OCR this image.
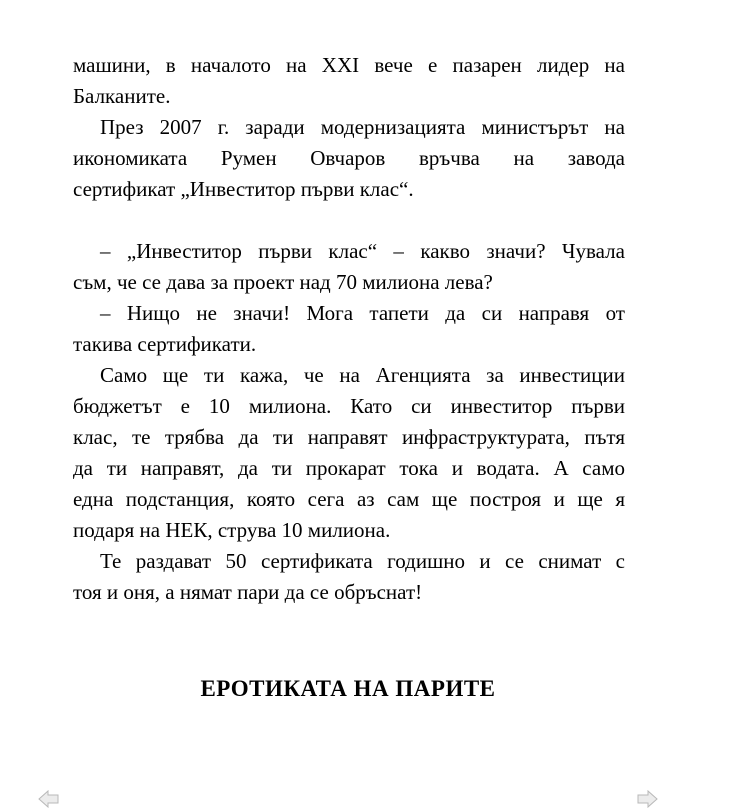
машини, в началото на XXI вече е пазарен лидер на
Балканите.

През 2007 г. заради модернизацията министърът на
икономиката Румен Овчаров връчва на завода
сертификат „Инвеститор първи клас“.

– „Инвеститор първи клас“ – какво значи? Чувала
съм, че се дава за проект над 70 милиона лева?

– Нищо не значи! Мога тапети да си направя от
такива сертификати.

Само ще ти кажа, че на Агенцията за инвестиции
бюджетът е 10 милиона. Като си инвеститор първи
клас, те трябва да ти направят инфраструктурата, пътя
да ти направят, да ти прокарат тока и водата. А само
една подстанция, която сега аз сам ще построя и ще я
подаря на НЕК, струва 10 милиона.

Те раздават 50 сертификата годишно и се снимат с
тоя и оня, а нямат пари да се обръснат!

ЕРОТИКАТА НА ПАРИТЕ
